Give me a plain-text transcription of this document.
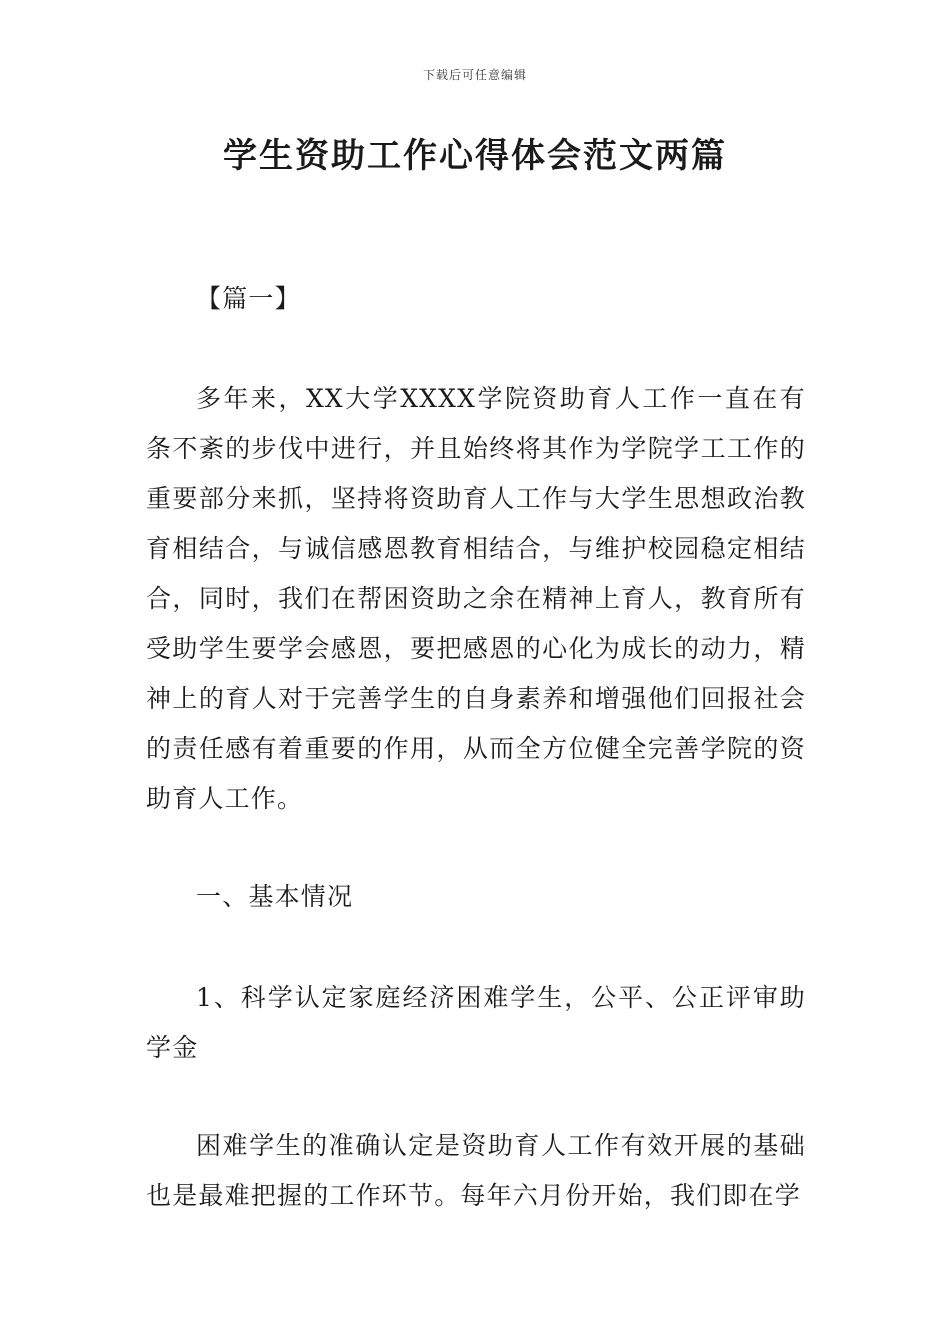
下载后可任意编辑
学生资助工作心得体会范文两篇

【篇一】

多年来，XX大学XXXX学院资助育人工作一直在有条不紊的步伐中进行，并且始终将其作为学院学工工作的重要部分来抓，坚持将资助育人工作与大学生思想政治教育相结合，与诚信感恩教育相结合，与维护校园稳定相结合，同时，我们在帮困资助之余在精神上育人，教育所有受助学生要学会感恩，要把感恩的心化为成长的动力，精神上的育人对于完善学生的自身素养和增强他们回报社会的责任感有着重要的作用，从而全方位健全完善学院的资助育人工作。

一、基本情况

1、科学认定家庭经济困难学生，公平、公正评审助学金

困难学生的准确认定是资助育人工作有效开展的基础也是最难把握的工作环节。每年六月份开始，我们即在学
